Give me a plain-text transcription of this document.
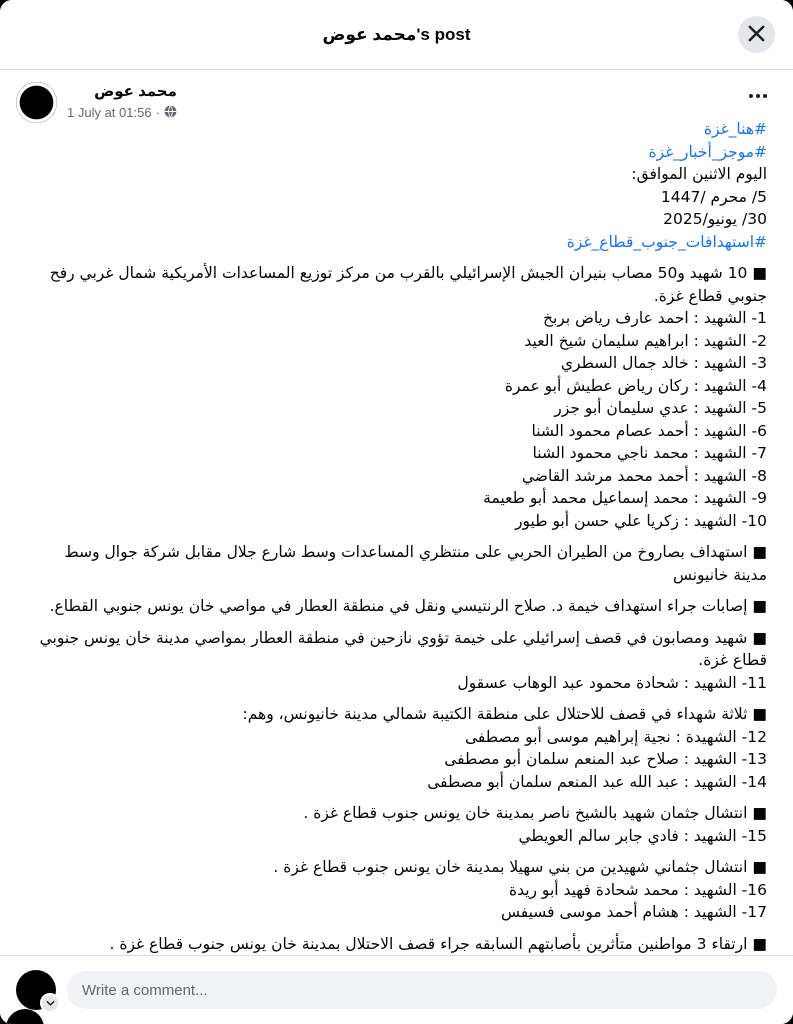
محمد عوض's post
محمد عوض
1 July at 01:56 ·
#هنا_غزة
#موجز_أخبار_غزة
اليوم الاثنين الموافق:
5/ محرم /1447
30/ يونيو/2025
#استهدافات_جنوب_قطاع_غزة
■ 10 شهيد و50 مصاب بنيران الجيش الإسرائيلي بالقرب من مركز توزيع المساعدات الأمريكية شمال غربي رفح جنوبي قطاع غزة.
1- الشهيد : احمد عارف رياض بربخ
2- الشهيد : ابراهيم سليمان شيخ العيد
3- الشهيد : خالد جمال السطري
4- الشهيد : ركان رياض عطيش أبو عمرة
5- الشهيد : عدي سليمان أبو جزر
6- الشهيد : أحمد عصام محمود الشنا
7- الشهيد : محمد ناجي محمود الشنا
8- الشهيد : أحمد محمد مرشد القاضي
9- الشهيد : محمد إسماعيل محمد أبو طعيمة
10- الشهيد : زكريا علي حسن أبو طيور
■ استهداف بصاروخ من الطيران الحربي على منتظري المساعدات وسط شارع جلال مقابل شركة جوال وسط مدينة خانيونس
■ إصابات جراء استهداف خيمة د. صلاح الرنتيسي ونقل في منطقة العطار في مواصي خان يونس جنوبي القطاع.
■ شهيد ومصابون في قصف إسرائيلي على خيمة تؤوي نازحين في منطقة العطار بمواصي مدينة خان يونس جنوبي قطاع غزة.
11- الشهيد : شحادة محمود عبد الوهاب عسقول
■ ثلاثة شهداء في قصف للاحتلال على منطقة الكتيبة شمالي مدينة خانيونس، وهم:
12- الشهيدة : نجية إبراهيم موسى أبو مصطفى
13- الشهيد : صلاح عبد المنعم سلمان أبو مصطفى
14- الشهيد : عبد الله عبد المنعم سلمان أبو مصطفى
■ انتشال جثمان شهيد بالشيخ ناصر بمدينة خان يونس جنوب قطاع غزة .
15- الشهيد : فادي جابر سالم العويطي
■ انتشال جثماني شهيدين من بني سهيلا بمدينة خان يونس جنوب قطاع غزة .
16- الشهيد : محمد شحادة فهيد أبو ريدة
17- الشهيد : هشام أحمد موسى فسيفس
■ ارتقاء 3 مواطنين متأثرين بأصابتهم السابقه جراء قصف الاحتلال بمدينة خان يونس جنوب قطاع غزة .
Write a comment...
